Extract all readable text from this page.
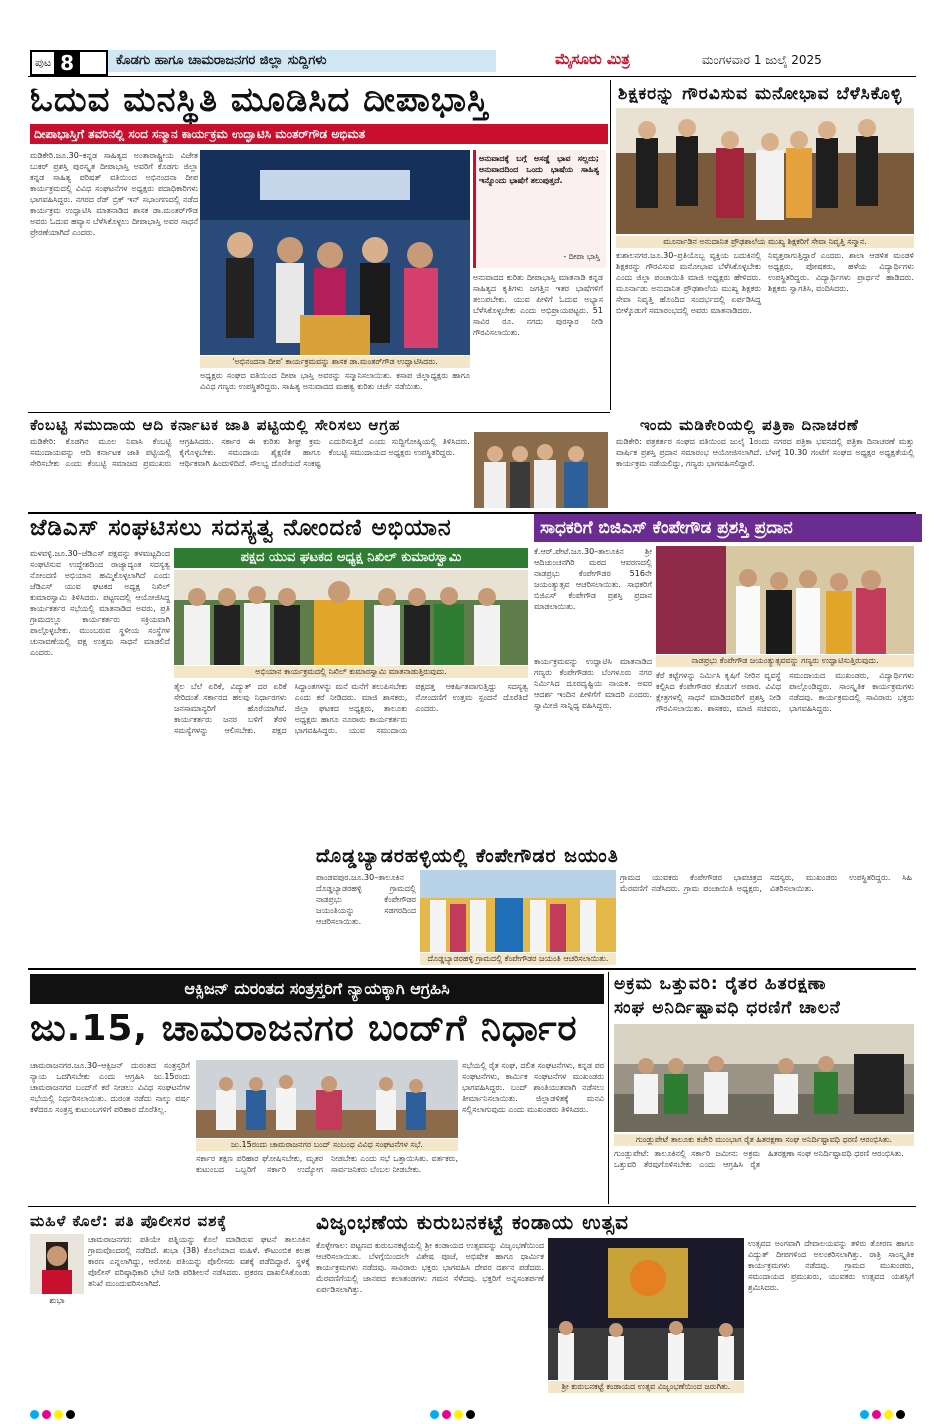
ಪುಟ 8	ಕೊಡಗು ಹಾಗೂ ಚಾಮರಾಜನಗರ ಜಿಲ್ಲಾ ಸುದ್ದಿಗಳು	ಮೈಸೂರು ಮಿತ್ರ	ಮಂಗಳವಾರ 1 ಜುಲೈ 2025
ಓದುವ ಮನಸ್ಥಿತಿ ಮೂಡಿಸಿದ ದೀಪಾಭಾಸ್ತಿ
ದೀಪಾಭಾಸ್ತಿಗೆ ತವರಿನಲ್ಲಿ ಸಂದ ಸನ್ಮಾನ ಕಾರ್ಯಕ್ರಮ ಉದ್ಘಾಟಿಸಿ ಮಂತರ್‌ಗೌಡ ಅಭಿಮತ
ಮಡಿಕೇರಿ.ಜೂ.30–ಕನ್ನಡ ಸಾಹಿತ್ಯದ ಅಂತಾರಾಷ್ಟ್ರೀಯ ವಿಜೇತ ಬುಕರ್ ಪ್ರಶಸ್ತಿ ಪುರಸ್ಕೃತ ದೀಪಾಭಾಸ್ತಿ ಅವರಿಗೆ ಕೊಡಗು ಜಿಲ್ಲಾ ಕನ್ನಡ ಸಾಹಿತ್ಯ ಪರಿಷತ್ ವತಿಯಿಂದ ಅಭಿನಂದನಾ ದೀಪ ಕಾರ್ಯಕ್ರಮದಲ್ಲಿ ವಿವಿಧ ಸಂಘಟನೆಗಳ ಅಧ್ಯಕ್ಷರು ಪದಾಧಿಕಾರಿಗಳು ಭಾಗವಹಿಸಿದ್ದರು. ನಗರದ ರೆಡ್ ಬ್ರಿಕ್ ಇನ್ ಸಭಾಂಗಣದಲ್ಲಿ ನಡೆದ ಕಾರ್ಯಕ್ರಮ ಉದ್ಘಾಟಿಸಿ ಮಾತನಾಡಿದ ಶಾಸಕ ಡಾ.ಮಂತರ್‌ಗೌಡ ಅವರು ಓದುವ ಹವ್ಯಾಸ ಬೆಳೆಸಿಕೊಳ್ಳಲು ದೀಪಾಭಾಸ್ತಿ ಅವರ ಸಾಧನೆ ಪ್ರೇರಣೆಯಾಗಿದೆ ಎಂದರು.
'ಅಭಿನಂದನಾ ದೀಪ' ಕಾರ್ಯಕ್ರಮವನ್ನು ಶಾಸಕ ಡಾ.ಮಂತರ್‌ಗೌಡ ಉದ್ಘಾಟಿಸಿದರು.
ಅಧ್ಯಕ್ಷರು ಸಂಘದ ವತಿಯಿಂದ ದೀಪಾ ಭಾಸ್ತಿ ಅವರನ್ನು ಸನ್ಮಾನಿಸಲಾಯಿತು. ಕಸಾಪ ಜಿಲ್ಲಾಧ್ಯಕ್ಷರು ಹಾಗೂ ವಿವಿಧ ಗಣ್ಯರು ಉಪಸ್ಥಿತರಿದ್ದರು. ಸಾಹಿತ್ಯ ಅನುವಾದದ ಮಹತ್ವ ಕುರಿತು ಚರ್ಚೆ ನಡೆಯಿತು.
ಅನುವಾದಕ್ಕೆ ಬಗ್ಗೆ ಅಸಡ್ಡೆ ಭಾವ ಸಲ್ಲದು; ಅನುವಾದದಿಂದ ಒಂದು ಭಾಷೆಯ ಸಾಹಿತ್ಯ ಇನ್ನೊಂದು ಭಾಷೆಗೆ ತಲುಪುತ್ತದೆ.
- ದೀಪಾ ಭಾಸ್ತಿ
ಅನುವಾದದ ಕುರಿತು ದೀಪಾಭಾಸ್ತಿ ಮಾತನಾಡಿ ಕನ್ನಡ ಸಾಹಿತ್ಯದ ಕೃತಿಗಳು ಜಗತ್ತಿನ ಇತರ ಭಾಷೆಗಳಿಗೆ ತಲುಪಬೇಕು. ಯುವ ಪೀಳಿಗೆ ಓದುವ ಅಭ್ಯಾಸ ಬೆಳೆಸಿಕೊಳ್ಳಬೇಕು ಎಂದು ಅಭಿಪ್ರಾಯಪಟ್ಟರು. 51 ಸಾವಿರ ರೂ. ನಗದು ಪುರಸ್ಕಾರ ನೀಡಿ ಗೌರವಿಸಲಾಯಿತು.
ಶಿಕ್ಷಕರನ್ನು ಗೌರವಿಸುವ ಮನೋಭಾವ ಬೆಳೆಸಿಕೊಳ್ಳಿ
ಮೂರ್ನಾಡಿನ ಅನುದಾನಿತ ಪ್ರೌಢಶಾಲೆಯ ಮುಖ್ಯ ಶಿಕ್ಷಕರಿಗೆ ಸೇವಾ ನಿವೃತ್ತಿ ಸನ್ಮಾನ.
ಕುಶಾಲನಗರ.ಜೂ.30–ಪ್ರತಿಯೊಬ್ಬ ವ್ಯಕ್ತಿಯ ಬದುಕಿನಲ್ಲಿ ಶಿಕ್ಷಕರನ್ನು ಗೌರವಿಸುವ ಮನೋಭಾವ ಬೆಳೆಸಿಕೊಳ್ಳಬೇಕು ಎಂದು ಜಿಲ್ಲಾ ಪಂಚಾಯಿತಿ ಮಾಜಿ ಅಧ್ಯಕ್ಷರು ಹೇಳಿದರು. ಮೂರ್ನಾಡು ಅನುದಾನಿತ ಪ್ರೌಢಶಾಲೆಯ ಮುಖ್ಯ ಶಿಕ್ಷಕರು ಸೇವಾ ನಿವೃತ್ತಿ ಹೊಂದಿದ ಸಂದರ್ಭದಲ್ಲಿ ಏರ್ಪಡಿಸಿದ್ದ ಬೀಳ್ಕೊಡುಗೆ ಸಮಾರಂಭದಲ್ಲಿ ಅವರು ಮಾತನಾಡಿದರು.
ನಿವೃತ್ತರಾಗುತ್ತಿದ್ದಾರೆ ಎಂದರು. ಶಾಲಾ ಆಡಳಿತ ಮಂಡಳಿ ಅಧ್ಯಕ್ಷರು, ಪೋಷಕರು, ಹಳೆಯ ವಿದ್ಯಾರ್ಥಿಗಳು ಉಪಸ್ಥಿತರಿದ್ದರು. ವಿದ್ಯಾರ್ಥಿಗಳು ಪ್ರಾರ್ಥನೆ ಹಾಡಿದರು. ಶಿಕ್ಷಕರು ಸ್ವಾಗತಿಸಿ, ವಂದಿಸಿದರು.
ಕೆಂಬಟ್ಟಿ ಸಮುದಾಯ ಆದಿ ಕರ್ನಾಟಕ ಜಾತಿ ಪಟ್ಟಿಯಲ್ಲಿ ಸೇರಿಸಲು ಆಗ್ರಹ
ಮಡಿಕೇರಿ: ಕೊಡಗಿನ ಮೂಲ ನಿವಾಸಿ ಕೆಂಬಟ್ಟಿ ಸಮುದಾಯವನ್ನು ಆದಿ ಕರ್ನಾಟಕ ಜಾತಿ ಪಟ್ಟಿಯಲ್ಲಿ ಸೇರಿಸಬೇಕು ಎಂದು ಕೆಂಬಟ್ಟಿ ಸಮಾಜದ ಪ್ರಮುಖರು ಆಗ್ರಹಿಸಿದರು. ಸರ್ಕಾರ ಈ ಕುರಿತು ಶೀಘ್ರ ಕ್ರಮ ಕೈಗೊಳ್ಳಬೇಕು. ಸಮುದಾಯ ಶೈಕ್ಷಣಿಕ ಹಾಗೂ ಆರ್ಥಿಕವಾಗಿ ಹಿಂದುಳಿದಿದೆ. ಸೌಲಭ್ಯ ದೊರೆಯದೆ ಸಂಕಷ್ಟ ಎದುರಿಸುತ್ತಿದೆ ಎಂದು ಸುದ್ದಿಗೋಷ್ಠಿಯಲ್ಲಿ ತಿಳಿಸಿದರು. ಕೆಂಬಟ್ಟಿ ಸಮುದಾಯದ ಅಧ್ಯಕ್ಷರು ಉಪಸ್ಥಿತರಿದ್ದರು.
ಇಂದು ಮಡಿಕೇರಿಯಲ್ಲಿ ಪತ್ರಿಕಾ ದಿನಾಚರಣೆ
ಮಡಿಕೇರಿ: ಪತ್ರಕರ್ತರ ಸಂಘದ ವತಿಯಿಂದ ಜುಲೈ 1ರಂದು ನಗರದ ಪತ್ರಿಕಾ ಭವನದಲ್ಲಿ ಪತ್ರಿಕಾ ದಿನಾಚರಣೆ ಮತ್ತು ವಾರ್ಷಿಕ ಪ್ರಶಸ್ತಿ ಪ್ರದಾನ ಸಮಾರಂಭ ಆಯೋಜಿಸಲಾಗಿದೆ. ಬೆಳಗ್ಗೆ 10.30 ಗಂಟೆಗೆ ಸಂಘದ ಅಧ್ಯಕ್ಷರ ಅಧ್ಯಕ್ಷತೆಯಲ್ಲಿ ಕಾರ್ಯಕ್ರಮ ನಡೆಯಲಿದ್ದು, ಗಣ್ಯರು ಭಾಗವಹಿಸಲಿದ್ದಾರೆ.
ಜೆಡಿಎಸ್ ಸಂಘಟಿಸಲು ಸದಸ್ಯತ್ವ ನೋಂದಣಿ ಅಭಿಯಾನ
ಮಳವಳ್ಳಿ.ಜೂ.30–ಜೆಡಿಎಸ್ ಪಕ್ಷವನ್ನು ತಳಮಟ್ಟದಿಂದ ಸಂಘಟಿಸುವ ಉದ್ದೇಶದಿಂದ ರಾಜ್ಯಾದ್ಯಂತ ಸದಸ್ಯತ್ವ ನೋಂದಣಿ ಅಭಿಯಾನ ಹಮ್ಮಿಕೊಳ್ಳಲಾಗಿದೆ ಎಂದು ಜೆಡಿಎಸ್ ಯುವ ಘಟಕದ ಅಧ್ಯಕ್ಷ ನಿಖಿಲ್ ಕುಮಾರಸ್ವಾಮಿ ತಿಳಿಸಿದರು. ಪಟ್ಟಣದಲ್ಲಿ ಆಯೋಜಿಸಿದ್ದ ಕಾರ್ಯಕರ್ತರ ಸಭೆಯಲ್ಲಿ ಮಾತನಾಡಿದ ಅವರು, ಪ್ರತಿ ಗ್ರಾಮದಲ್ಲೂ ಕಾರ್ಯಕರ್ತರು ಸಕ್ರಿಯವಾಗಿ ಪಾಲ್ಗೊಳ್ಳಬೇಕು. ಮುಂಬರುವ ಸ್ಥಳೀಯ ಸಂಸ್ಥೆಗಳ ಚುನಾವಣೆಯಲ್ಲಿ ಪಕ್ಷ ಉತ್ತಮ ಸಾಧನೆ ಮಾಡಲಿದೆ ಎಂದರು.
ಪಕ್ಷದ ಯುವ ಘಟಕದ ಅಧ್ಯಕ್ಷ ನಿಖಿಲ್ ಕುಮಾರಸ್ವಾಮಿ
ಅಭಿಯಾನ ಕಾರ್ಯಕ್ರಮದಲ್ಲಿ ನಿಖಿಲ್ ಕುಮಾರಸ್ವಾಮಿ ಮಾತನಾಡುತ್ತಿರುವುದು.
ತೈಲ ಬೆಲೆ ಏರಿಕೆ, ವಿದ್ಯುತ್ ದರ ಏರಿಕೆ ಸೇರಿದಂತೆ ಸರ್ಕಾರದ ಹಲವು ನಿರ್ಧಾರಗಳು ಜನಸಾಮಾನ್ಯರಿಗೆ ಹೊರೆಯಾಗಿವೆ. ಕಾರ್ಯಕರ್ತರು ಜನರ ಬಳಿಗೆ ತೆರಳಿ ಸಮಸ್ಯೆಗಳನ್ನು ಆಲಿಸಬೇಕು. ಪಕ್ಷದ ಸಿದ್ಧಾಂತಗಳನ್ನು ಮನೆ ಮನೆಗೆ ತಲುಪಿಸಬೇಕು ಎಂದು ಕರೆ ನೀಡಿದರು. ಮಾಜಿ ಶಾಸಕರು, ಜಿಲ್ಲಾ ಘಟಕದ ಅಧ್ಯಕ್ಷರು, ತಾಲೂಕು ಅಧ್ಯಕ್ಷರು ಹಾಗೂ ನೂರಾರು ಕಾರ್ಯಕರ್ತರು ಭಾಗವಹಿಸಿದ್ದರು. ಯುವ ಸಮುದಾಯ ಪಕ್ಷದತ್ತ ಆಕರ್ಷಿತವಾಗುತ್ತಿದ್ದು ಸದಸ್ಯತ್ವ ನೋಂದಣಿಗೆ ಉತ್ತಮ ಸ್ಪಂದನೆ ದೊರೆತಿದೆ ಎಂದರು.
ಸಾಧಕರಿಗೆ ಬಿಜಿಎಸ್ ಕೆಂಪೇಗೌಡ ಪ್ರಶಸ್ತಿ ಪ್ರದಾನ
ಕೆ.ಆರ್.ಪೇಟೆ.ಜೂ.30–ತಾಲೂಕಿನ ಶ್ರೀ ಆದಿಚುಂಚನಗಿರಿ ಮಠದ ಆವರಣದಲ್ಲಿ ನಾಡಪ್ರಭು ಕೆಂಪೇಗೌಡರ 516ನೇ ಜಯಂತ್ಯುತ್ಸವ ಆಚರಿಸಲಾಯಿತು. ಸಾಧಕರಿಗೆ ಬಿಜಿಎಸ್ ಕೆಂಪೇಗೌಡ ಪ್ರಶಸ್ತಿ ಪ್ರದಾನ ಮಾಡಲಾಯಿತು.
ನಾಡಪ್ರಭು ಕೆಂಪೇಗೌಡ ಜಯಂತ್ಯುತ್ಸವವನ್ನು ಗಣ್ಯರು ಉದ್ಘಾಟಿಸುತ್ತಿರುವುದು.
ಕಾರ್ಯಕ್ರಮವನ್ನು ಉದ್ಘಾಟಿಸಿ ಮಾತನಾಡಿದ ಗಣ್ಯರು ಕೆಂಪೇಗೌಡರು ಬೆಂಗಳೂರು ನಗರ ನಿರ್ಮಿಸಿದ ದೂರದೃಷ್ಟಿಯ ನಾಯಕ. ಅವರ ಆದರ್ಶ ಇಂದಿನ ಪೀಳಿಗೆಗೆ ಮಾದರಿ ಎಂದರು. ಸ್ವಾಮೀಜಿ ಸಾನ್ನಿಧ್ಯ ವಹಿಸಿದ್ದರು.
ಕೆರೆ ಕಟ್ಟೆಗಳನ್ನು ನಿರ್ಮಿಸಿ ಕೃಷಿಗೆ ನೀರಿನ ವ್ಯವಸ್ಥೆ ಕಲ್ಪಿಸಿದ ಕೆಂಪೇಗೌಡರ ಕೊಡುಗೆ ಅಪಾರ. ವಿವಿಧ ಕ್ಷೇತ್ರಗಳಲ್ಲಿ ಸಾಧನೆ ಮಾಡಿದವರಿಗೆ ಪ್ರಶಸ್ತಿ ನೀಡಿ ಗೌರವಿಸಲಾಯಿತು. ಶಾಸಕರು, ಮಾಜಿ ಸಚಿವರು, ಸಮುದಾಯದ ಮುಖಂಡರು, ವಿದ್ಯಾರ್ಥಿಗಳು ಪಾಲ್ಗೊಂಡಿದ್ದರು. ಸಾಂಸ್ಕೃತಿಕ ಕಾರ್ಯಕ್ರಮಗಳು ನಡೆದವು. ಕಾರ್ಯಕ್ರಮದಲ್ಲಿ ಸಾವಿರಾರು ಭಕ್ತರು ಭಾಗವಹಿಸಿದ್ದರು.
ದೊಡ್ಡಬ್ಯಾಡರಹಳ್ಳಿಯಲ್ಲಿ ಕೆಂಪೇಗೌಡರ ಜಯಂತಿ
ಪಾಂಡವಪುರ.ಜೂ.30–ತಾಲೂಕಿನ ದೊಡ್ಡಬ್ಯಾಡರಹಳ್ಳಿ ಗ್ರಾಮದಲ್ಲಿ ನಾಡಪ್ರಭು ಕೆಂಪೇಗೌಡರ ಜಯಂತಿಯನ್ನು ಸಡಗರದಿಂದ ಆಚರಿಸಲಾಯಿತು.
ದೊಡ್ಡಬ್ಯಾಡರಹಳ್ಳಿ ಗ್ರಾಮದಲ್ಲಿ ಕೆಂಪೇಗೌಡರ ಜಯಂತಿ ಆಚರಿಸಲಾಯಿತು.
ಗ್ರಾಮದ ಯುವಕರು ಕೆಂಪೇಗೌಡರ ಭಾವಚಿತ್ರದ ಮೆರವಣಿಗೆ ನಡೆಸಿದರು. ಗ್ರಾಮ ಪಂಚಾಯಿತಿ ಅಧ್ಯಕ್ಷರು, ಸದಸ್ಯರು, ಮುಖಂಡರು ಉಪಸ್ಥಿತರಿದ್ದರು. ಸಿಹಿ ವಿತರಿಸಲಾಯಿತು.
ಆಕ್ಸಿಜನ್ ದುರಂತದ ಸಂತ್ರಸ್ತರಿಗೆ ನ್ಯಾಯಕ್ಕಾಗಿ ಆಗ್ರಹಿಸಿ
ಜು.15, ಚಾಮರಾಜನಗರ ಬಂದ್‌ಗೆ ನಿರ್ಧಾರ
ಚಾಮರಾಜನಗರ.ಜೂ.30–ಆಕ್ಸಿಜನ್ ದುರಂತದ ಸಂತ್ರಸ್ತರಿಗೆ ನ್ಯಾಯ ಒದಗಿಸಬೇಕು ಎಂದು ಆಗ್ರಹಿಸಿ ಜು.15ರಂದು ಚಾಮರಾಜನಗರ ಬಂದ್‌ಗೆ ಕರೆ ನೀಡಲು ವಿವಿಧ ಸಂಘಟನೆಗಳ ಸಭೆಯಲ್ಲಿ ನಿರ್ಧರಿಸಲಾಯಿತು. ದುರಂತ ನಡೆದು ನಾಲ್ಕು ವರ್ಷ ಕಳೆದರೂ ಸಂತ್ರಸ್ತ ಕುಟುಂಬಗಳಿಗೆ ಪರಿಹಾರ ದೊರೆತಿಲ್ಲ.
ಜು.15ರಂದು ಚಾಮರಾಜನಗರ ಬಂದ್ ಸಂಬಂಧ ವಿವಿಧ ಸಂಘಟನೆಗಳ ಸಭೆ.
ಸರ್ಕಾರ ತಕ್ಷಣ ಪರಿಹಾರ ಘೋಷಿಸಬೇಕು, ಮೃತರ ಕುಟುಂಬದ ಒಬ್ಬರಿಗೆ ಸರ್ಕಾರಿ ಉದ್ಯೋಗ ನೀಡಬೇಕು ಎಂದು ಸಭೆ ಒತ್ತಾಯಿಸಿತು. ವರ್ತಕರು, ಸಾರ್ವಜನಿಕರು ಬೆಂಬಲ ನೀಡಬೇಕು.
ಸಭೆಯಲ್ಲಿ ರೈತ ಸಂಘ, ದಲಿತ ಸಂಘಟನೆಗಳು, ಕನ್ನಡ ಪರ ಸಂಘಟನೆಗಳು, ಕಾರ್ಮಿಕ ಸಂಘಟನೆಗಳ ಮುಖಂಡರು ಭಾಗವಹಿಸಿದ್ದರು. ಬಂದ್ ಶಾಂತಿಯುತವಾಗಿ ನಡೆಸಲು ತೀರ್ಮಾನಿಸಲಾಯಿತು. ಜಿಲ್ಲಾಡಳಿತಕ್ಕೆ ಮನವಿ ಸಲ್ಲಿಸಲಾಗುವುದು ಎಂದು ಮುಖಂಡರು ತಿಳಿಸಿದರು.
ಅಕ್ರಮ ಒತ್ತುವರಿ: ರೈತರ ಹಿತರಕ್ಷಣಾ
ಸಂಘ ಅನಿರ್ದಿಷ್ಟಾವಧಿ ಧರಣಿಗೆ ಚಾಲನೆ
ಗುಂಡ್ಲುಪೇಟೆ ತಾಲೂಕು ಕಚೇರಿ ಮುಂಭಾಗ ರೈತ ಹಿತರಕ್ಷಣಾ ಸಂಘ ಅನಿರ್ದಿಷ್ಟಾವಧಿ ಧರಣಿ ಆರಂಭಿಸಿತು.
ಗುಂಡ್ಲುಪೇಟೆ: ತಾಲೂಕಿನಲ್ಲಿ ಸರ್ಕಾರಿ ಜಮೀನು ಅಕ್ರಮ ಒತ್ತುವರಿ ತೆರವುಗೊಳಿಸಬೇಕು ಎಂದು ಆಗ್ರಹಿಸಿ ರೈತ ಹಿತರಕ್ಷಣಾ ಸಂಘ ಅನಿರ್ದಿಷ್ಟಾವಧಿ ಧರಣಿ ಆರಂಭಿಸಿತು.
ಮಹಿಳೆ ಕೊಲೆ: ಪತಿ ಪೊಲೀಸರ ವಶಕ್ಕೆ
ಶುಭಾ
ಚಾಮರಾಜನಗರ: ಪತಿಯೇ ಪತ್ನಿಯನ್ನು ಕೊಲೆ ಮಾಡಿರುವ ಘಟನೆ ತಾಲೂಕಿನ ಗ್ರಾಮವೊಂದರಲ್ಲಿ ನಡೆದಿದೆ. ಶುಭಾ (38) ಕೊಲೆಯಾದ ಮಹಿಳೆ. ಕೌಟುಂಬಿಕ ಕಲಹ ಕಾರಣ ಎನ್ನಲಾಗಿದ್ದು, ಆರೋಪಿ ಪತಿಯನ್ನು ಪೊಲೀಸರು ವಶಕ್ಕೆ ಪಡೆದಿದ್ದಾರೆ. ಸ್ಥಳಕ್ಕೆ ಪೊಲೀಸ್ ವರಿಷ್ಠಾಧಿಕಾರಿ ಭೇಟಿ ನೀಡಿ ಪರಿಶೀಲನೆ ನಡೆಸಿದರು. ಪ್ರಕರಣ ದಾಖಲಿಸಿಕೊಂಡು ತನಿಖೆ ಮುಂದುವರಿಸಲಾಗಿದೆ.
ವಿಜೃಂಭಣೆಯ ಕುರುಬನಕಟ್ಟೆ ಕಂಡಾಯ ಉತ್ಸವ
ಕೊಳ್ಳೇಗಾಲ: ಪಟ್ಟಣದ ಕುರುಬನಕಟ್ಟೆಯಲ್ಲಿ ಶ್ರೀ ಕಂಡಾಯದ ಉತ್ಸವವನ್ನು ವಿಜೃಂಭಣೆಯಿಂದ ಆಚರಿಸಲಾಯಿತು. ಬೆಳಗ್ಗೆಯಿಂದಲೇ ವಿಶೇಷ ಪೂಜೆ, ಅಭಿಷೇಕ ಹಾಗೂ ಧಾರ್ಮಿಕ ಕಾರ್ಯಕ್ರಮಗಳು ನಡೆದವು. ಸಾವಿರಾರು ಭಕ್ತರು ಭಾಗವಹಿಸಿ ದೇವರ ದರ್ಶನ ಪಡೆದರು. ಮೆರವಣಿಗೆಯಲ್ಲಿ ಜಾನಪದ ಕಲಾತಂಡಗಳು ಗಮನ ಸೆಳೆದವು. ಭಕ್ತರಿಗೆ ಅನ್ನಸಂತರ್ಪಣೆ ಏರ್ಪಡಿಸಲಾಗಿತ್ತು.
ಶ್ರೀ ಕುರುಬನಕಟ್ಟೆ ಕಂಡಾಯದ ಉತ್ಸವ ವಿಜೃಂಭಣೆಯಿಂದ ಜರುಗಿತು.
ಉತ್ಸವದ ಅಂಗವಾಗಿ ದೇವಾಲಯವನ್ನು ತಳಿರು ತೋರಣ ಹಾಗೂ ವಿದ್ಯುತ್ ದೀಪಗಳಿಂದ ಅಲಂಕರಿಸಲಾಗಿತ್ತು. ರಾತ್ರಿ ಸಾಂಸ್ಕೃತಿಕ ಕಾರ್ಯಕ್ರಮಗಳು ನಡೆದವು. ಗ್ರಾಮದ ಮುಖಂಡರು, ಸಮುದಾಯದ ಪ್ರಮುಖರು, ಯುವಕರು ಉತ್ಸವದ ಯಶಸ್ಸಿಗೆ ಶ್ರಮಿಸಿದರು.
